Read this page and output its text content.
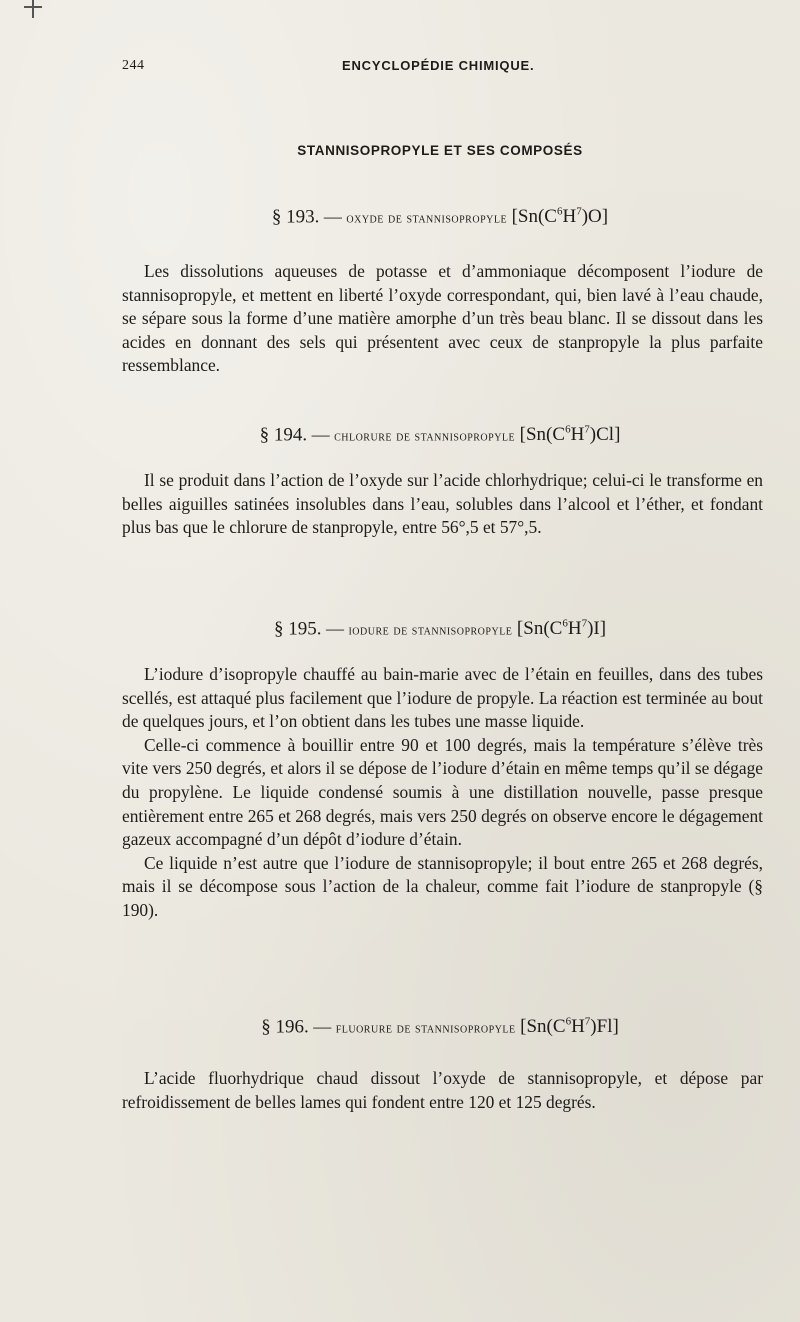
244	ENCYCLOPÉDIE CHIMIQUE.
STANNISOPROPYLE ET SES COMPOSÉS
§ 193. — oxyde de stannisopropyle $[Sn(C^6H^7)O]$

Les dissolutions aqueuses de potasse et d’ammoniaque décomposent l’iodure de stannisopropyle, et mettent en liberté l’oxyde correspondant, qui, bien lavé à l’eau chaude, se sépare sous la forme d’une matière amorphe d’un très beau blanc. Il se dissout dans les acides en donnant des sels qui présentent avec ceux de stanpropyle la plus parfaite ressemblance.

§ 194. — chlorure de stannisopropyle $[Sn(C^6H^7)Cl]$

Il se produit dans l’action de l’oxyde sur l’acide chlorhydrique; celui-ci le transforme en belles aiguilles satinées insolubles dans l’eau, solubles dans l’alcool et l’éther, et fondant plus bas que le chlorure de stanpropyle, entre 56°,5 et 57°,5.

§ 195. — iodure de stannisopropyle $[Sn(C^6H^7)I]$

L’iodure d’isopropyle chauffé au bain-marie avec de l’étain en feuilles, dans des tubes scellés, est attaqué plus facilement que l’iodure de propyle. La réaction est terminée au bout de quelques jours, et l’on obtient dans les tubes une masse liquide.

Celle-ci commence à bouillir entre 90 et 100 degrés, mais la température s’élève très vite vers 250 degrés, et alors il se dépose de l’iodure d’étain en même temps qu’il se dégage du propylène. Le liquide condensé soumis à une distillation nouvelle, passe presque entièrement entre 265 et 268 degrés, mais vers 250 degrés on observe encore le dégagement gazeux accompagné d’un dépôt d’iodure d’étain.

Ce liquide n’est autre que l’iodure de stannisopropyle; il bout entre 265 et 268 degrés, mais il se décompose sous l’action de la chaleur, comme fait l’iodure de stanpropyle (§ 190).

§ 196. — fluorure de stannisopropyle $[Sn(C^6H^7)Fl]$

L’acide fluorhydrique chaud dissout l’oxyde de stannisopropyle, et dépose par refroidissement de belles lames qui fondent entre 120 et 125 degrés.
